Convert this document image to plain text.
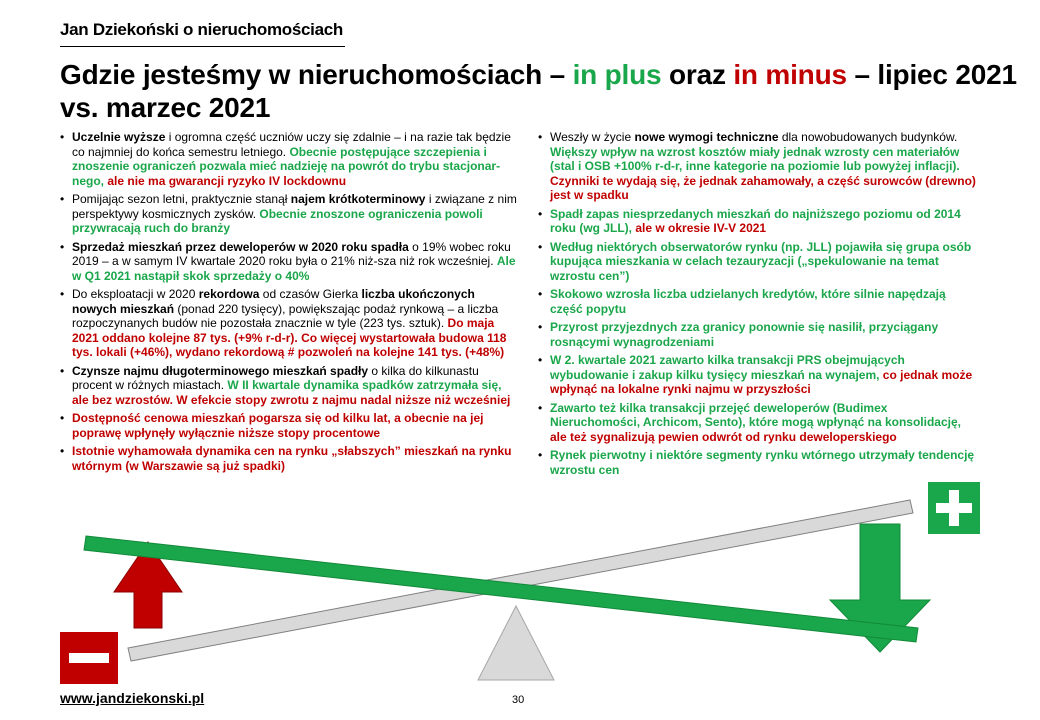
Jan Dziekoński o nieruchomościach
Gdzie jesteśmy w nieruchomościach – in plus oraz in minus – lipiec 2021 vs. marzec 2021
• Uczelnie wyższe i ogromna część uczniów uczy się zdalnie – i na razie tak będzie co najmniej do końca semestru letniego. Obecnie postępujące szczepienia i znoszenie ograniczeń pozwala mieć nadzieję na powrót do trybu stacjonar-nego, ale nie ma gwarancji ryzyko IV lockdownu
• Pomijając sezon letni, praktycznie stanął najem krótkoterminowy i związane z nim perspektywy kosmicznych zysków. Obecnie znoszone ograniczenia powoli przywracają ruch do branży
• Sprzedaż mieszkań przez deweloperów w 2020 roku spadła o 19% wobec roku 2019 – a w samym IV kwartale 2020 roku była o 21% niż-sza niż rok wcześniej. Ale w Q1 2021 nastąpił skok sprzedaży o 40%
• Do eksploatacji w 2020 rekordowa od czasów Gierka liczba ukończonych nowych mieszkań (ponad 220 tysięcy), powiększając podaż rynkową – a liczba rozpoczynanych budów nie pozostała znacznie w tyle (223 tys. sztuk). Do maja 2021 oddano kolejne 87 tys. (+9% r-d-r). Co więcej wystartowała budowa 118 tys. lokali (+46%), wydano rekordową # pozwoleń na kolejne 141 tys. (+48%)
• Czynsze najmu długoterminowego mieszkań spadły o kilka do kilkunastu procent w różnych miastach. W II kwartale dynamika spadków zatrzymała się, ale bez wzrostów. W efekcie stopy zwrotu z najmu nadal niższe niż wcześniej
• Dostępność cenowa mieszkań pogarsza się od kilku lat, a obecnie na jej poprawę wpłynęły wyłącznie niższe stopy procentowe
• Istotnie wyhamowała dynamika cen na rynku „słabszych” mieszkań na rynku wtórnym (w Warszawie są już spadki)
• Weszły w życie nowe wymogi techniczne dla nowobudowanych budynków. Większy wpływ na wzrost kosztów miały jednak wzrosty cen materiałów (stal i OSB +100% r-d-r, inne kategorie na poziomie lub powyżej inflacji). Czynniki te wydają się, że jednak zahamowały, a część surowców (drewno) jest w spadku
• Spadł zapas niesprzedanych mieszkań do najniższego poziomu od 2014 roku (wg JLL), ale w okresie IV-V 2021
• Według niektórych obserwatorów rynku (np. JLL) pojawiła się grupa osób kupująca mieszkania w celach tezauryzacji („spekulowanie na temat wzrostu cen”)
• Skokowo wzrosła liczba udzielanych kredytów, które silnie napędzają część popytu
• Przyrost przyjezdnych zza granicy ponownie się nasilił, przyciągany rosnącymi wynagrodzeniami
• W 2. kwartale 2021 zawarto kilka transakcji PRS obejmujących wybudowanie i zakup kilku tysięcy mieszkań na wynajem, co jednak może wpłynąć na lokalne rynki najmu w przyszłości
• Zawarto też kilka transakcji przejęć deweloperów (Budimex Nieruchomości, Archicom, Sento), które mogą wpłynąć na konsolidację, ale też sygnalizują pewien odwrót od rynku deweloperskiego
• Rynek pierwotny i niektóre segmenty rynku wtórnego utrzymały tendencję wzrostu cen
www.jandziekonski.pl	30
